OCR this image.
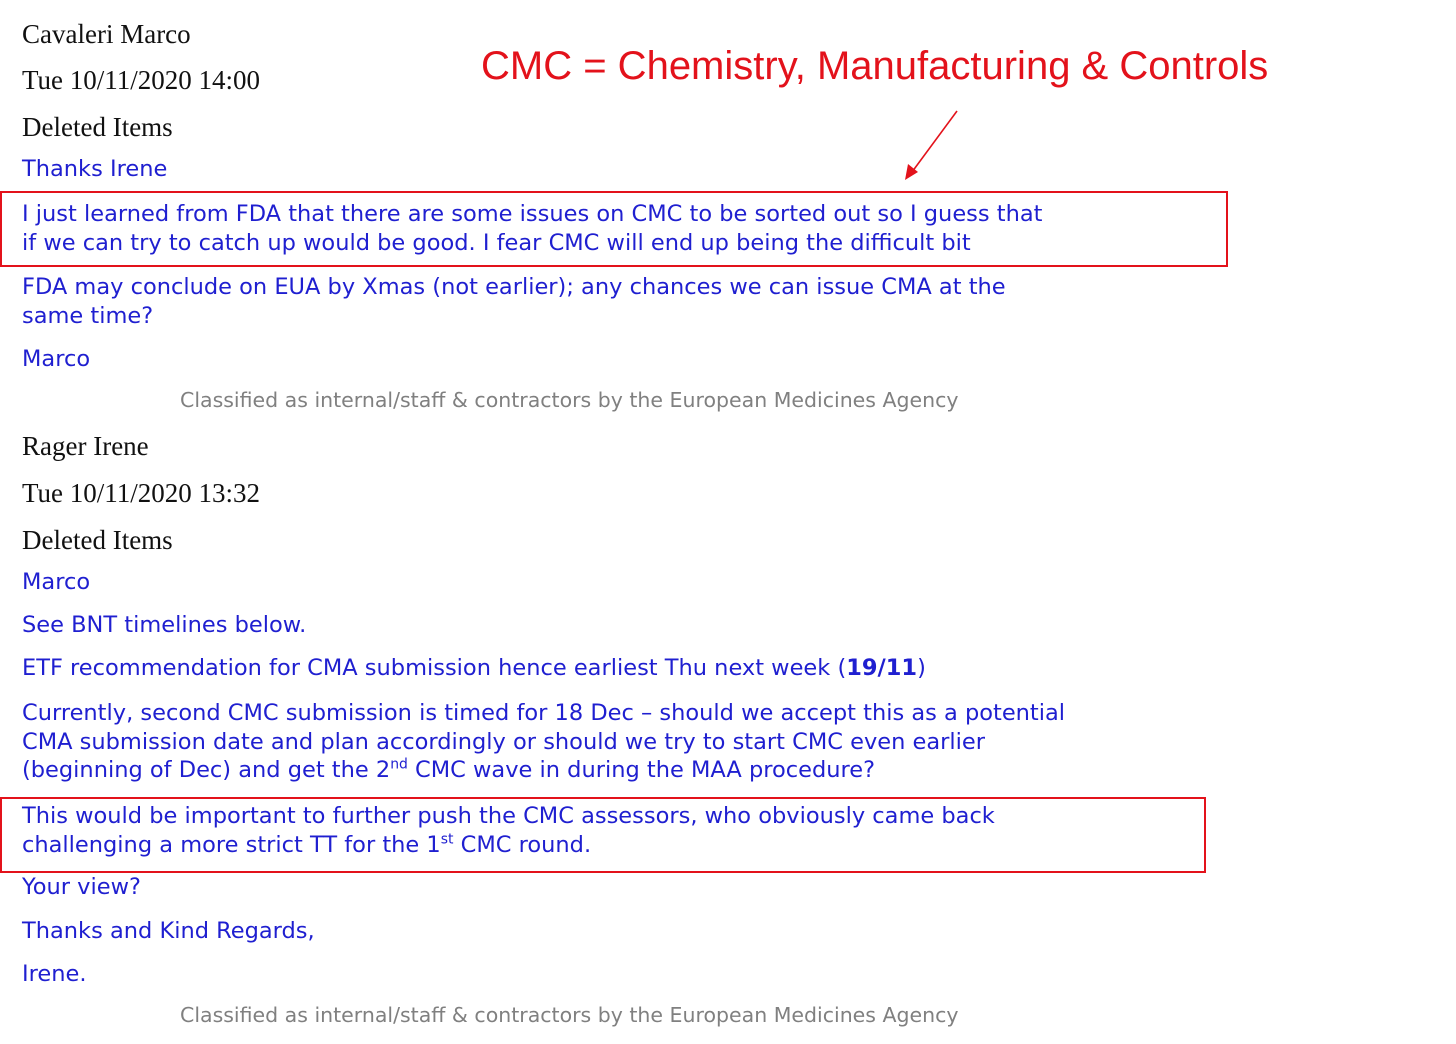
CMC = Chemistry, Manufacturing & Controls
Cavaleri Marco
Tue 10/11/2020 14:00
Deleted Items
Thanks Irene
I just learned from FDA that there are some issues on CMC to be sorted out so I guess that
if we can try to catch up would be good. I fear CMC will end up being the difficult bit
FDA may conclude on EUA by Xmas (not earlier); any chances we can issue CMA at the
same time?
Marco
Classified as internal/staff & contractors by the European Medicines Agency
Rager Irene
Tue 10/11/2020 13:32
Deleted Items
Marco
See BNT timelines below.
ETF recommendation for CMA submission hence earliest Thu next week (19/11)
Currently, second CMC submission is timed for 18 Dec – should we accept this as a potential
CMA submission date and plan accordingly or should we try to start CMC even earlier
(beginning of Dec) and get the 2nd CMC wave in during the MAA procedure?
This would be important to further push the CMC assessors, who obviously came back
challenging a more strict TT for the 1st CMC round.
Your view?
Thanks and Kind Regards,
Irene.
Classified as internal/staff & contractors by the European Medicines Agency
